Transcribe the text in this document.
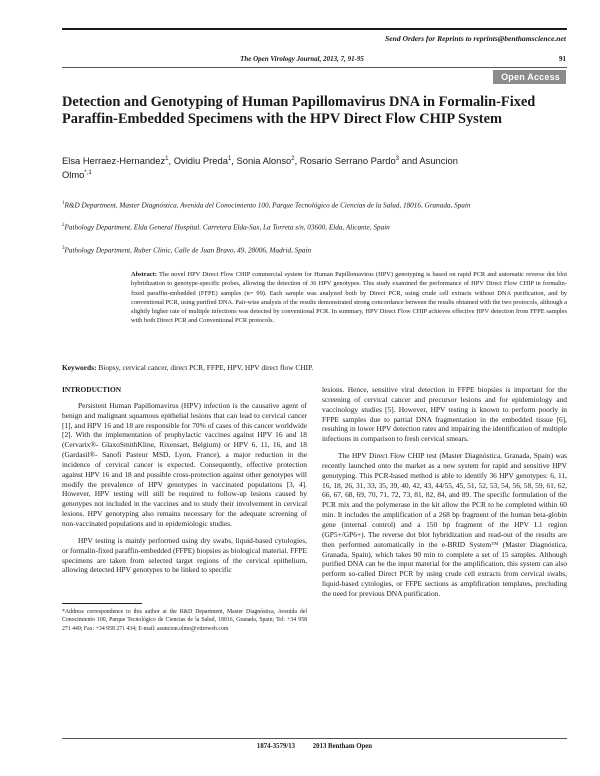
Send Orders for Reprints to reprints@benthamscience.net
The Open Virology Journal, 2013, 7, 91-95	91
Open Access
Detection and Genotyping of Human Papillomavirus DNA in Formalin-Fixed Paraffin-Embedded Specimens with the HPV Direct Flow CHIP System
Elsa Herraez-Hernandez$^1$, Ovidiu Preda$^1$, Sonia Alonso$^2$, Rosario Serrano Pardo$^3$ and Asuncion Olmo$^{*,1}$

$^1$R&D Department, Master Diagnóstica, Avenida del Conocimiento 100, Parque Tecnológico de Ciencias de la Salud, 18016, Granada, Spain

$^2$Pathology Department, Elda General Hospital. Carretera Elda-Sax, La Torreta s/n, 03600, Elda, Alicante, Spain

$^3$Pathology Department, Ruber Clinic, Calle de Juan Bravo, 49, 28006, Madrid, Spain

Abstract: The novel HPV Direct Flow CHIP commercial system for Human Papillomavirus (HPV) genotyping is based on rapid PCR and automatic reverse dot blot hybridization to genotype-specific probes, allowing the detection of 36 HPV genotypes. This study examined the performance of HPV Direct Flow CHIP in formalin-fixed paraffin-embedded (FFPE) samples (n= 99). Each sample was analyzed both by Direct PCR, using crude cell extracts without DNA purification, and by conventional PCR, using purified DNA. Pair-wise analysis of the results demonstrated strong concordance between the results obtained with the two protocols, although a slightly higher rate of multiple infections was detected by conventional PCR. In summary, HPV Direct Flow CHIP achieves effective HPV detection from FFPE samples with both Direct PCR and Conventional PCR protocols.

Keywords: Biopsy, cervical cancer, direct PCR, FFPE, HPV, HPV direct flow CHIP.

INTRODUCTION

Persistent Human Papillomavirus (HPV) infection is the causative agent of benign and malignant squamous epithelial lesions that can lead to cervical cancer [1], and HPV 16 and 18 are responsible for 70% of cases of this cancer worldwide [2]. With the implementation of prophylactic vaccines against HPV 16 and 18 (Cervarix®- GlaxoSmithKline, Rixensart, Belgium) or HPV 6, 11, 16, and 18 (Gardasil®- Sanofi Pasteur MSD, Lyon, France), a major reduction in the incidence of cervical cancer is expected. Consequently, effective protection against HPV 16 and 18 and possible cross-protection against other genotypes will modify the prevalence of HPV genotypes in vaccinated populations [3, 4]. However, HPV testing will still be required to follow-up lesions caused by genotypes not included in the vaccines and to study their involvement in cervical lesions. HPV genotyping also remains necessary for the adequate screening of non-vaccinated populations and in epidemiologic studies.

HPV testing is mainly performed using dry swabs, liquid-based cytologies, or formalin-fixed paraffin-embedded (FFPE) biopsies as biological material. FFPE specimens are taken from selected target regions of the cervical epithelium, allowing detected HPV genotypes to be linked to specific

lesions. Hence, sensitive viral detection in FFPE biopsies is important for the screening of cervical cancer and precursor lesions and for epidemiology and vaccinology studies [5]. However, HPV testing is known to perform poorly in FFPE samples due to partial DNA fragmentation in the embedded tissue [6], resulting in lower HPV detection rates and impairing the identification of multiple infections in comparison to fresh cervical smears.

The HPV Direct Flow CHIP test (Master Diagnóstica, Granada, Spain) was recently launched onto the market as a new system for rapid and sensitive HPV genotyping. This PCR-based method is able to identify 36 HPV genotypes: 6, 11, 16, 18, 26, 31, 33, 35, 39, 40, 42, 43, 44/55, 45, 51, 52, 53, 54, 56, 58, 59, 61, 62, 66, 67, 68, 69, 70, 71, 72, 73, 81, 82, 84, and 89. The specific formulation of the PCR mix and the polymerase in the kit allow the PCR to be completed within 60 min. It includes the amplification of a 268 bp fragment of the human beta-globin gene (internal control) and a 150 bp fragment of the HPV L1 region (GP5+/GP6+). The reverse dot blot hybridization and read-out of the results are then performed automatically in the e-BRID System™ (Master Diagnóstica, Granada, Spain), which takes 90 min to complete a set of 15 samples. Although purified DNA can be the input material for the amplification, this system can also perform so-called Direct PCR by using crude cell extracts from cervical swabs, liquid-based cytologies, or FFPE sections as amplification templates, precluding the need for previous DNA purification.

*Address correspondence to this author at the R&D Department, Master Diagnóstica, Avenida del Conocimiento 100, Parque Tecnológico de Ciencias de la Salud, 18016, Granada, Spain; Tel: +34 958 271 449; Fax: +34 958 271 434; E-mail: asuncion.olmo@vitroweb.com
1874-3579/13	2013 Bentham Open
